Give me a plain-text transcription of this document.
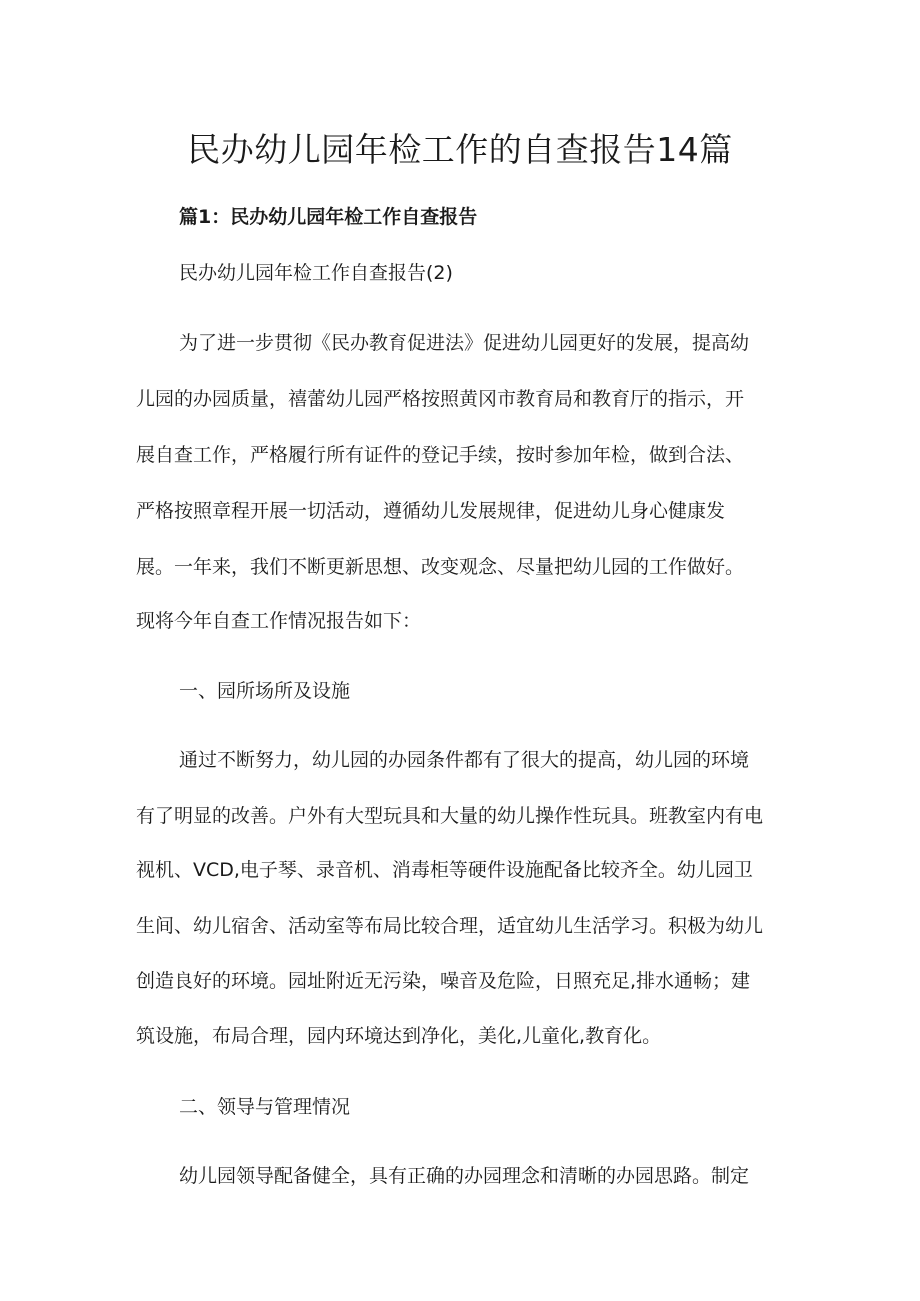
民办幼儿园年检工作的自查报告14篇
篇1：民办幼儿园年检工作自查报告

民办幼儿园年检工作自查报告(2)

为了进一步贯彻《民办教育促进法》促进幼儿园更好的发展，提高幼

儿园的办园质量，禧蕾幼儿园严格按照黄冈市教育局和教育厅的指示，开

展自查工作，严格履行所有证件的登记手续，按时参加年检，做到合法、

严格按照章程开展一切活动，遵循幼儿发展规律，促进幼儿身心健康发

展。一年来，我们不断更新思想、改变观念、尽量把幼儿园的工作做好。

现将今年自查工作情况报告如下：

一、园所场所及设施

通过不断努力，幼儿园的办园条件都有了很大的提高，幼儿园的环境

有了明显的改善。户外有大型玩具和大量的幼儿操作性玩具。班教室内有电

视机、VCD,电子琴、录音机、消毒柜等硬件设施配备比较齐全。幼儿园卫

生间、幼儿宿舍、活动室等布局比较合理，适宜幼儿生活学习。积极为幼儿

创造良好的环境。园址附近无污染，噪音及危险，日照充足,排水通畅；建

筑设施，布局合理，园内环境达到净化，美化,儿童化,教育化。

二、领导与管理情况

幼儿园领导配备健全，具有正确的办园理念和清晰的办园思路。制定
